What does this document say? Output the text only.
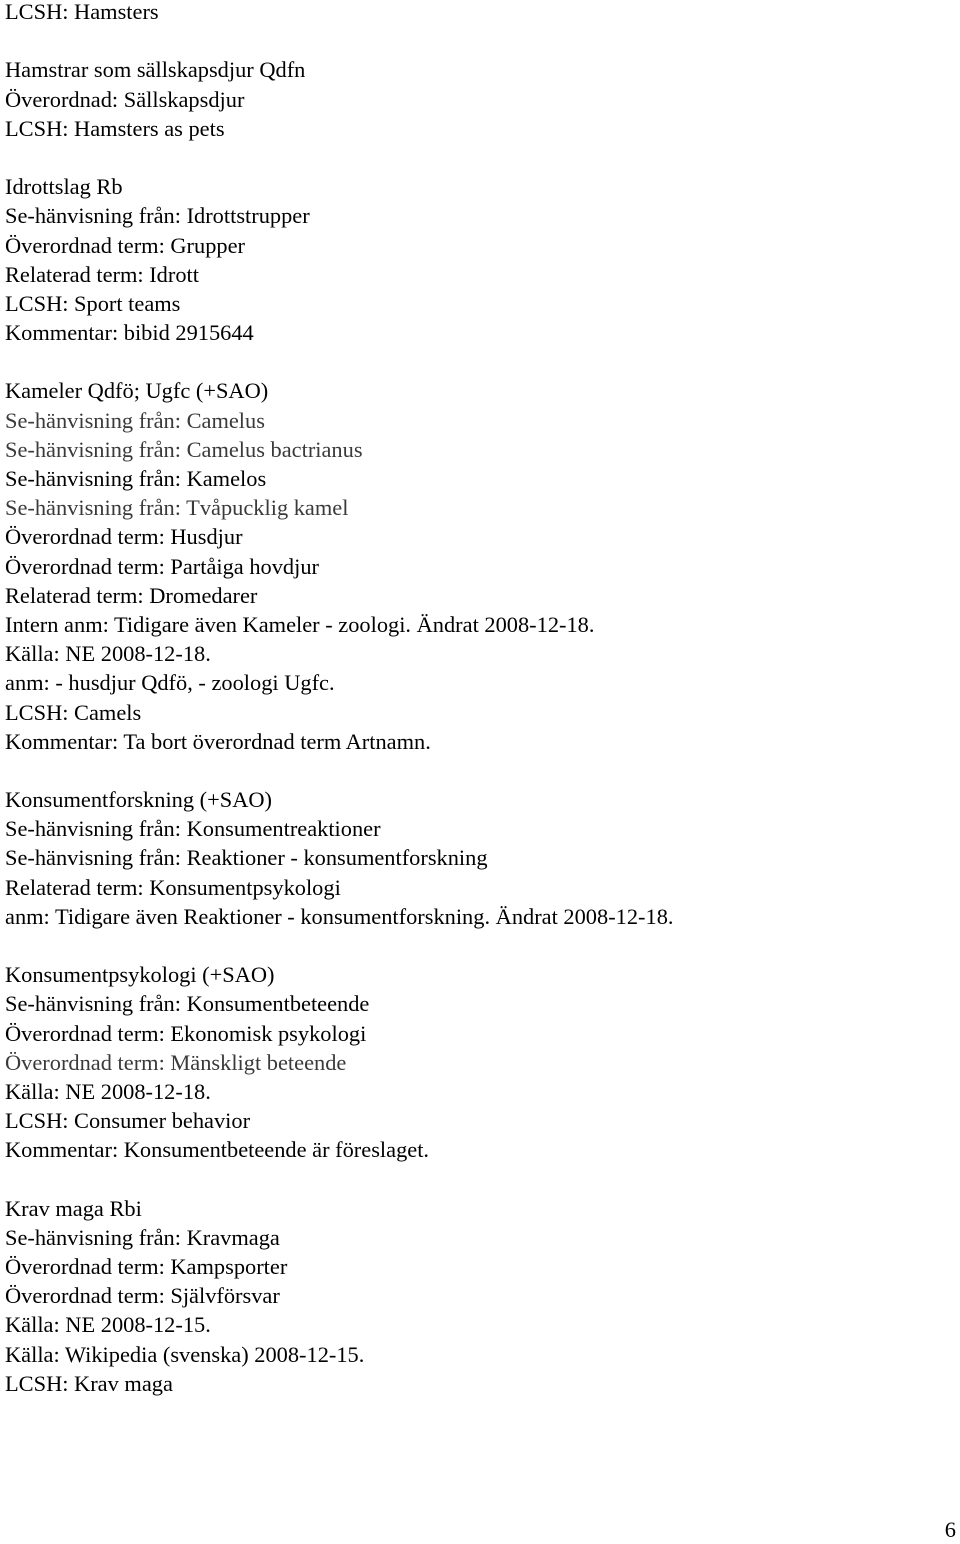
LCSH: Hamsters
Hamstrar som sällskapsdjur Qdfn
Överordnad: Sällskapsdjur
LCSH: Hamsters as pets
Idrottslag Rb
Se-hänvisning från: Idrottstrupper
Överordnad term: Grupper
Relaterad term: Idrott
LCSH: Sport teams
Kommentar: bibid 2915644
Kameler Qdfö; Ugfc (+SAO)
Se-hänvisning från: Camelus
Se-hänvisning från: Camelus bactrianus
Se-hänvisning från: Kamelos
Se-hänvisning från: Tvåpucklig kamel
Överordnad term: Husdjur
Överordnad term: Partåiga hovdjur
Relaterad term: Dromedarer
Intern anm: Tidigare även Kameler - zoologi. Ändrat 2008-12-18.
Källa: NE 2008-12-18.
anm: - husdjur Qdfö, - zoologi Ugfc.
LCSH: Camels
Kommentar: Ta bort överordnad term Artnamn.
Konsumentforskning (+SAO)
Se-hänvisning från: Konsumentreaktioner
Se-hänvisning från: Reaktioner - konsumentforskning
Relaterad term: Konsumentpsykologi
anm: Tidigare även Reaktioner - konsumentforskning. Ändrat 2008-12-18.
Konsumentpsykologi (+SAO)
Se-hänvisning från: Konsumentbeteende
Överordnad term: Ekonomisk psykologi
Överordnad term: Mänskligt beteende
Källa: NE 2008-12-18.
LCSH: Consumer behavior
Kommentar: Konsumentbeteende är föreslaget.
Krav maga Rbi
Se-hänvisning från: Kravmaga
Överordnad term: Kampsporter
Överordnad term: Självförsvar
Källa: NE 2008-12-15.
Källa: Wikipedia (svenska) 2008-12-15.
LCSH: Krav maga
6
